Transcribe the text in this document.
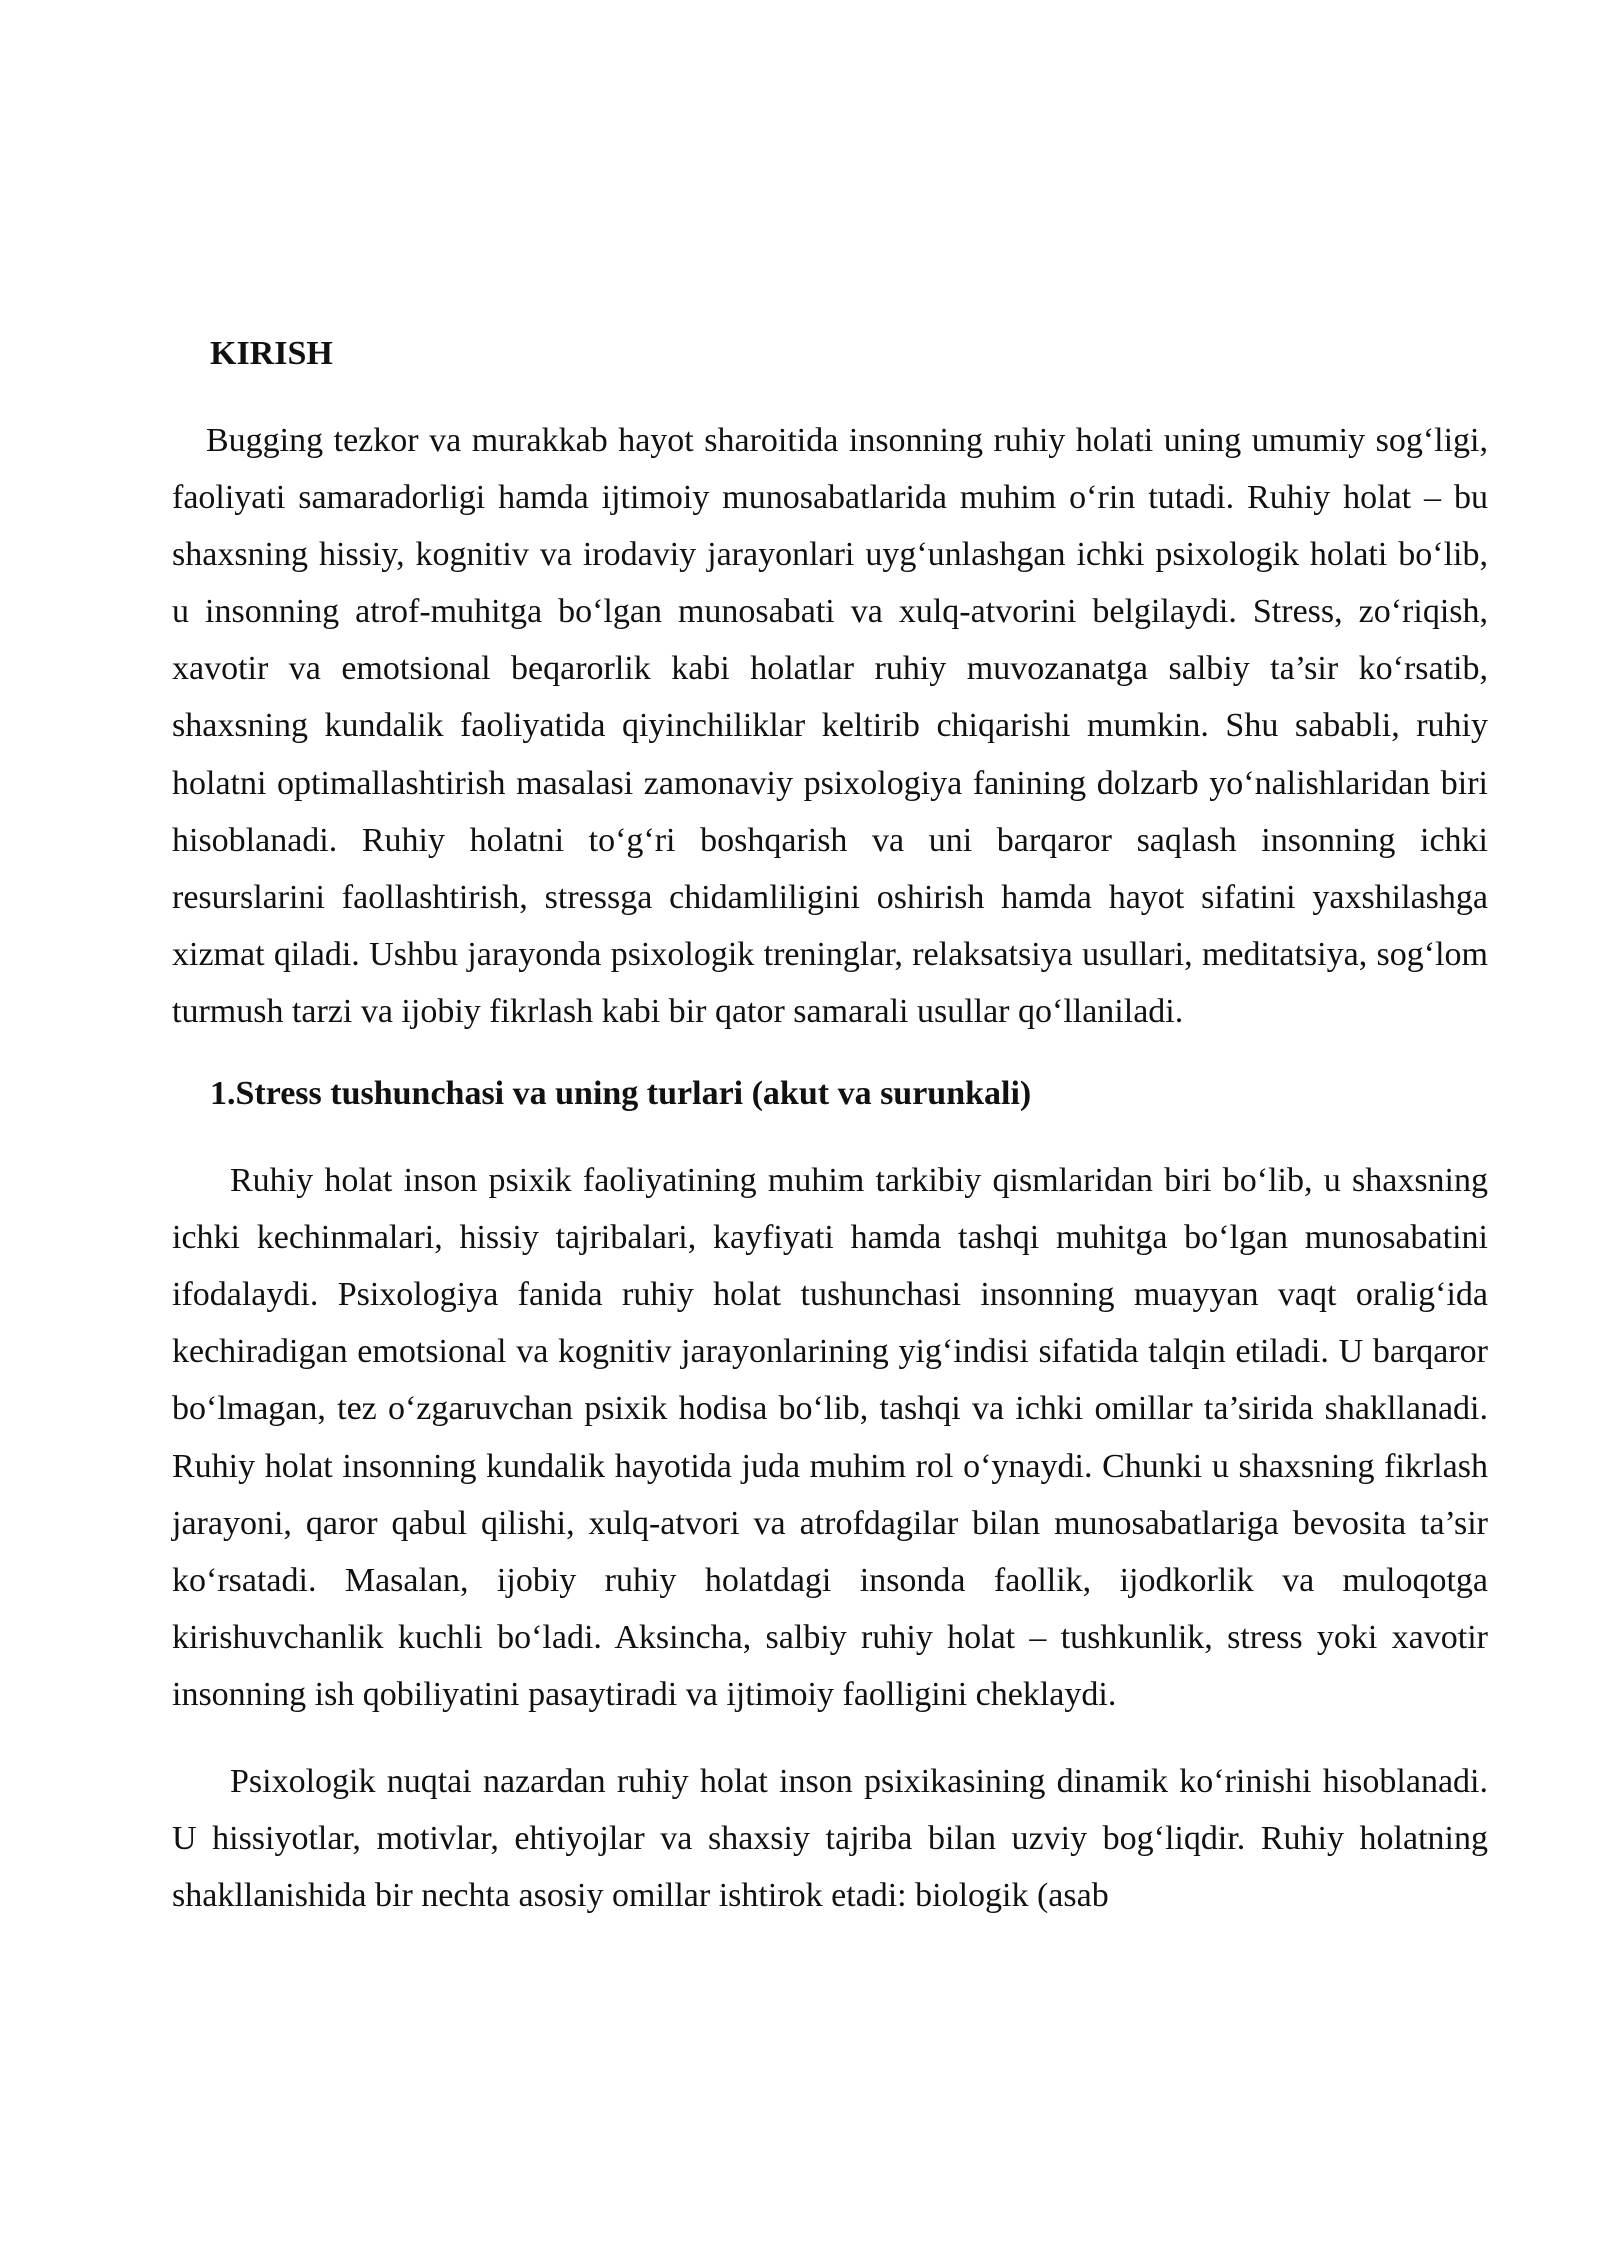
KIRISH

Bugging tezkor va murakkab hayot sharoitida insonning ruhiy holati uning umumiy sog‘ligi, faoliyati samaradorligi hamda ijtimoiy munosabatlarida muhim o‘rin tutadi. Ruhiy holat – bu shaxsning hissiy, kognitiv va irodaviy jarayonlari uyg‘unlashgan ichki psixologik holati bo‘lib, u insonning atrof-muhitga bo‘lgan munosabati va xulq-atvorini belgilaydi. Stress, zo‘riqish, xavotir va emotsional beqarorlik kabi holatlar ruhiy muvozanatga salbiy ta’sir ko‘rsatib, shaxsning kundalik faoliyatida qiyinchiliklar keltirib chiqarishi mumkin. Shu sababli, ruhiy holatni optimallashtirish masalasi zamonaviy psixologiya fanining dolzarb yo‘nalishlaridan biri hisoblanadi. Ruhiy holatni to‘g‘ri boshqarish va uni barqaror saqlash insonning ichki resurslarini faollashtirish, stressga chidamliligini oshirish hamda hayot sifatini yaxshilashga xizmat qiladi. Ushbu jarayonda psixologik treninglar, relaksatsiya usullari, meditatsiya, sog‘lom turmush tarzi va ijobiy fikrlash kabi bir qator samarali usullar qo‘llaniladi.

1.Stress tushunchasi va uning turlari (akut va surunkali)

Ruhiy holat inson psixik faoliyatining muhim tarkibiy qismlaridan biri bo‘lib, u shaxsning ichki kechinmalari, hissiy tajribalari, kayfiyati hamda tashqi muhitga bo‘lgan munosabatini ifodalaydi. Psixologiya fanida ruhiy holat tushunchasi insonning muayyan vaqt oralig‘ida kechiradigan emotsional va kognitiv jarayonlarining yig‘indisi sifatida talqin etiladi. U barqaror bo‘lmagan, tez o‘zgaruvchan psixik hodisa bo‘lib, tashqi va ichki omillar ta’sirida shakllanadi. Ruhiy holat insonning kundalik hayotida juda muhim rol o‘ynaydi. Chunki u shaxsning fikrlash jarayoni, qaror qabul qilishi, xulq-atvori va atrofdagilar bilan munosabatlariga bevosita ta’sir ko‘rsatadi. Masalan, ijobiy ruhiy holatdagi insonda faollik, ijodkorlik va muloqotga kirishuvchanlik kuchli bo‘ladi. Aksincha, salbiy ruhiy holat – tushkunlik, stress yoki xavotir insonning ish qobiliyatini pasaytiradi va ijtimoiy faolligini cheklaydi.

Psixologik nuqtai nazardan ruhiy holat inson psixikasining dinamik ko‘rinishi hisoblanadi. U hissiyotlar, motivlar, ehtiyojlar va shaxsiy tajriba bilan uzviy bog‘liqdir. Ruhiy holatning shakllanishida bir nechta asosiy omillar ishtirok etadi: biologik (asab
